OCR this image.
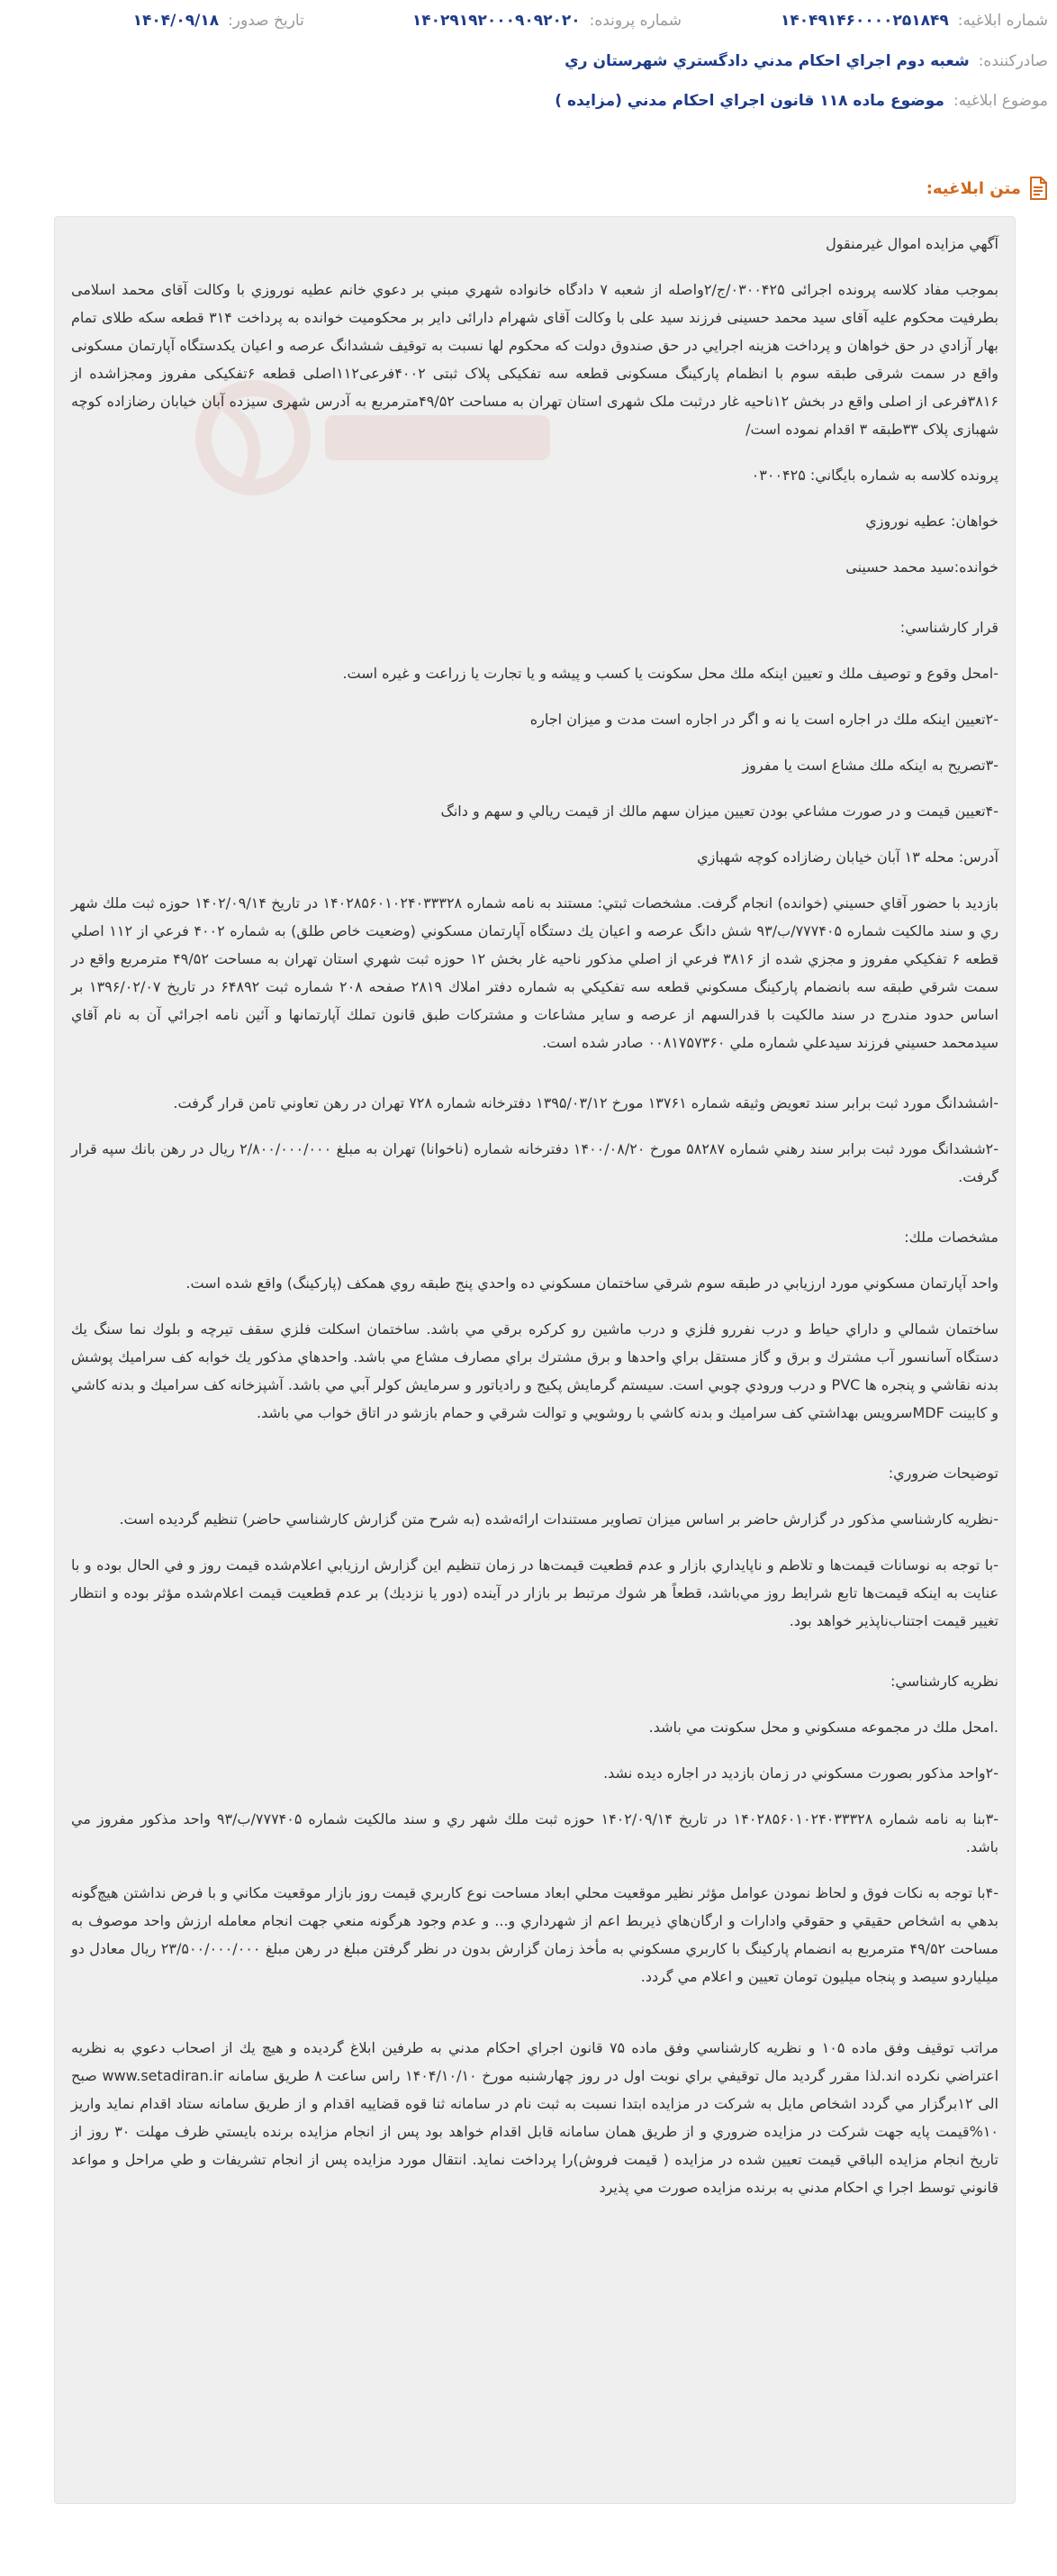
شماره ابلاغیه:
۱۴۰۴۹۱۴۶۰۰۰۰۲۵۱۸۴۹
شماره پرونده:
۱۴۰۲۹۱۹۲۰۰۰۹۰۹۲۰۲۰
تاریخ صدور:
۱۴۰۴/۰۹/۱۸
صادرکننده:
شعبه دوم اجراي احكام مدني دادگستري شهرستان ري
موضوع ابلاغیه:
موضوع ماده ۱۱۸ قانون اجراي احكام مدني (مزايده )
متن ابلاغیه:

آگهي مزايده اموال غيرمنقول

بموجب مفاد كلاسه پرونده اجرائی ۰۳۰۰۴۲۵/ج/۲واصله از شعبه ۷ دادگاه خانواده شهري مبني بر دعوي خانم عطیه نوروزي با وكالت آقای محمد اسلامی بطرفيت محكوم عليه آقای سید محمد حسینی فرزند سید علی با وکالت آقای شهرام دارائی داير بر محكوميت خوانده به پرداخت ۳۱۴ قطعه سكه طلای تمام بهار آزادي در حق خواهان و پرداخت هزينه اجرايي در حق صندوق دولت كه محكوم لها نسبت به توقیف ششدانگ عرصه و اعیان یکدستگاه آپارتمان مسکونی واقع در سمت شرقی طبقه سوم با انظمام پارکینگ مسکونی قطعه سه تفکیکی پلاک ثبتی ۴۰۰۲فرعی۱۱۲اصلی قطعه ۶تفکیکی مفروز ومجزاشده از ۳۸۱۶فرعی از اصلی واقع در بخش ۱۲ناحیه غار درثبت ملک شهری استان تهران به مساحت ۴۹/۵۲مترمربع به آدرس شهری سیزده آبان خیابان رضازاده کوچه شهبازی پلاک ۳۳طبقه ۳ اقدام نموده است/

پرونده كلاسه به شماره بايگاني: ۰۳۰۰۴۲۵

خواهان: عطیه نوروزي

خوانده:سید محمد حسینی

قرار كارشناسي:

-امحل وقوع و توصيف ملك و تعيين اينكه ملك محل سكونت يا كسب و پيشه و يا تجارت يا زراعت و غيره است.

-۲تعيين اينكه ملك در اجاره است يا نه و اگر در اجاره است مدت و ميزان اجاره

-۳تصريح به اينكه ملك مشاع است يا مفروز

-۴تعيين قيمت و در صورت مشاعي بودن تعيين ميزان سهم مالك از قيمت ريالي و سهم و دانگ

آدرس: محله ۱۳ آبان خيابان رضازاده كوچه شهبازي

بازديد با حضور آقاي حسيني (خوانده) انجام گرفت. مشخصات ثبتي: مستند به نامه شماره ۱۴۰۲۸۵۶۰۱۰۲۴۰۳۳۳۲۸ در تاريخ ۱۴۰۲/۰۹/۱۴ حوزه ثبت ملك شهر ري و سند مالكيت شماره ۷۷۷۴۰۵/ب/۹۳ شش دانگ عرصه و اعيان يك دستگاه آپارتمان مسكوني (وضعيت خاص طلق) به شماره ۴۰۰۲ فرعي از ۱۱۲ اصلي قطعه ۶ تفكيكي مفروز و مجزي شده از ۳۸۱۶ فرعي از اصلي مذكور ناحيه غار بخش ۱۲ حوزه ثبت شهري استان تهران به مساحت ۴۹/۵۲ مترمربع واقع در سمت شرقي طبقه سه بانضمام پاركينگ مسكوني قطعه سه تفكيكي به شماره دفتر املاك ۲۸۱۹ صفحه ۲۰۸ شماره ثبت ۶۴۸۹۲ در تاريخ ۱۳۹۶/۰۲/۰۷ بر اساس حدود مندرج در سند مالكيت با قدرالسهم از عرصه و ساير مشاعات و مشتركات طبق قانون تملك آپارتمانها و آئين نامه اجرائي آن به نام آقاي سيدمحمد حسيني فرزند سيدعلي شماره ملي ۰۰۸۱۷۵۷۳۶۰ صادر شده است.

-اششدانگ مورد ثبت برابر سند تعويض وثيقه شماره ۱۳۷۶۱ مورخ ۱۳۹۵/۰۳/۱۲ دفترخانه شماره ۷۲۸ تهران در رهن تعاوني تامن قرار گرفت.

-۲ششدانگ مورد ثبت برابر سند رهني شماره ۵۸۲۸۷ مورخ ۱۴۰۰/۰۸/۲۰ دفترخانه شماره (ناخوانا) تهران به مبلغ ۲/۸۰۰/۰۰۰/۰۰۰ ريال در رهن بانك سپه قرار گرفت.

مشخصات ملك:

واحد آپارتمان مسكوني مورد ارزيابي در طبقه سوم شرقي ساختمان مسكوني ده واحدي پنج طبقه روي همكف (پاركينگ) واقع شده است.

ساختمان شمالي و داراي حياط و درب نفررو فلزي و درب ماشين رو كركره برقي مي باشد. ساختمان اسكلت فلزي سقف تيرچه و بلوك نما سنگ يك دستگاه آسانسور آب مشترك و برق و گاز مستقل براي واحدها و برق مشترك براي مصارف مشاع مي باشد. واحدهاي مذكور يك خوابه كف سراميك پوشش بدنه نقاشي و پنجره ها PVC و درب ورودي چوبي است. سيستم گرمايش پكيج و رادياتور و سرمايش كولر آبي مي باشد. آشپزخانه كف سراميك و بدنه كاشي و كابينت MDFسرويس بهداشتي كف سراميك و بدنه كاشي با روشويي و توالت شرقي و حمام بازشو در اتاق خواب مي باشد.

توضيحات ضروري:

-نظريه كارشناسي مذكور در گزارش حاضر بر اساس ميزان تصاوير مستندات ارائه‌شده (به شرح متن گزارش كارشناسي حاضر) تنظيم گرديده است.

-با توجه به نوسانات قيمت‌ها و تلاطم و ناپايداري بازار و عدم قطعيت قيمت‌ها در زمان تنظيم اين گزارش ارزيابي اعلام‌شده قيمت روز و في الحال بوده و با عنايت به اينكه قيمت‌ها تابع شرايط روز مي‌باشد، قطعاً هر شوك مرتبط بر بازار در آينده (دور يا نزديك) بر عدم قطعيت قيمت اعلام‌شده مؤثر بوده و انتظار تغيير قيمت اجتناب‌ناپذير خواهد بود.

نظريه كارشناسي:

.امحل ملك در مجموعه مسكوني و محل سكونت مي باشد.

-۲واحد مذكور بصورت مسكوني در زمان بازديد در اجاره ديده نشد.

-۳بنا به نامه شماره ۱۴۰۲۸۵۶۰۱۰۲۴۰۳۳۳۲۸ در تاريخ ۱۴۰۲/۰۹/۱۴ حوزه ثبت ملك شهر ري و سند مالكيت شماره ۷۷۷۴۰۵/ب/۹۳ واحد مذكور مفروز مي باشد.

-۴با توجه به نكات فوق و لحاظ نمودن عوامل مؤثر نظير موقعيت محلي ابعاد مساحت نوع كاربري قيمت روز بازار موقعيت مكاني و با فرض نداشتن هيچ‌گونه بدهي به اشخاص حقيقي و حقوقي وادارات و ارگان‌هاي ذيربط اعم از شهرداري و... و عدم وجود هرگونه منعي جهت انجام معامله ارزش واحد موصوف به مساحت ۴۹/۵۲ مترمربع به انضمام پاركينگ با كاربري مسكوني به مأخذ زمان گزارش بدون در نظر گرفتن مبلغ در رهن مبلغ ۲۳/۵۰۰/۰۰۰/۰۰۰ ريال معادل دو ميلياردو سيصد و پنجاه ميليون تومان تعيين و اعلام مي گردد.

مراتب توقيف وفق ماده ۱۰۵ و نظريه كارشناسي وفق ماده ۷۵ قانون اجراي احكام مدني به طرفين ابلاغ گرديده و هيچ يك از اصحاب دعوي به نظريه اعتراضي نكرده اند.لذا مقرر گرديد مال توقيفي براي نوبت اول در روز چهارشنبه مورخ ۱۴۰۴/۱۰/۱۰ راس ساعت ۸ طريق سامانه www.setadiran.ir صبح الی ۱۲برگزار مي گردد اشخاص مايل به شركت در مزايده ابتدا نسبت به ثبت نام در سامانه ثنا قوه قضاييه اقدام و از طريق سامانه ستاد اقدام نمايد واريز ۱۰%قيمت پايه جهت شركت در مزايده ضروري و از طريق همان سامانه قابل اقدام خواهد بود پس از انجام مزايده برنده بايستي ظرف مهلت ۳۰ روز از تاريخ انجام مزايده الباقي قيمت تعيين شده در مزايده ( قيمت فروش)را پرداخت نمايد. انتقال مورد مزايده پس از انجام تشريفات و طي مراحل و مواعد قانوني توسط اجرا ي احكام مدني به برنده مزايده صورت مي پذيرد
